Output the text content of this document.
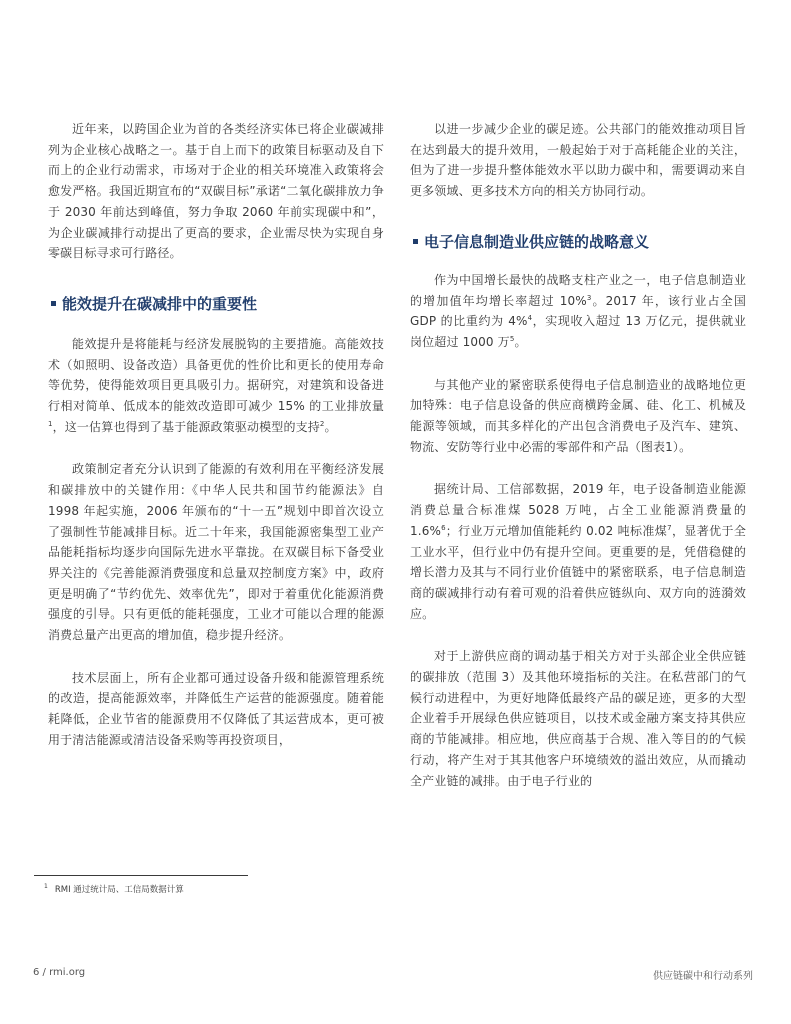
近年来，以跨国企业为首的各类经济实体已将企业碳减排列为企业核心战略之一。基于自上而下的政策目标驱动及自下而上的企业行动需求，市场对于企业的相关环境准入政策将会愈发严格。我国近期宣布的“双碳目标”承诺“二氧化碳排放力争于 2030 年前达到峰值，努力争取 2060 年前实现碳中和”，为企业碳减排行动提出了更高的要求，企业需尽快为实现自身零碳目标寻求可行路径。

能效提升在碳减排中的重要性

能效提升是将能耗与经济发展脱钩的主要措施。高能效技术（如照明、设备改造）具备更优的性价比和更长的使用寿命等优势，使得能效项目更具吸引力。据研究，对建筑和设备进行相对简单、低成本的能效改造即可减少 15% 的工业排放量$^1$，这一估算也得到了基于能源政策驱动模型的支持$^2$。

政策制定者充分认识到了能源的有效利用在平衡经济发展和碳排放中的关键作用:《中华人民共和国节约能源法》自 1998 年起实施，2006 年颁布的“十一五”规划中即首次设立了强制性节能减排目标。近二十年来，我国能源密集型工业产品能耗指标均逐步向国际先进水平靠拢。在双碳目标下备受业界关注的《完善能源消费强度和总量双控制度方案》中，政府更是明确了“节约优先、效率优先”，即对于着重优化能源消费强度的引导。只有更低的能耗强度，工业才可能以合理的能源消费总量产出更高的增加值，稳步提升经济。

技术层面上，所有企业都可通过设备升级和能源管理系统的改造，提高能源效率，并降低生产运营的能源强度。随着能耗降低，企业节省的能源费用不仅降低了其运营成本，更可被用于清洁能源或清洁设备采购等再投资项目，

以进一步减少企业的碳足迹。公共部门的能效推动项目旨在达到最大的提升效用，一般起始于对于高耗能企业的关注，但为了进一步提升整体能效水平以助力碳中和，需要调动来自更多领域、更多技术方向的相关方协同行动。

电子信息制造业供应链的战略意义

作为中国增长最快的战略支柱产业之一，电子信息制造业的增加值年均增长率超过 10%$^3$。2017 年，该行业占全国 GDP 的比重约为 4%$^4$，实现收入超过 13 万亿元，提供就业岗位超过 1000 万$^5$。

与其他产业的紧密联系使得电子信息制造业的战略地位更加特殊：电子信息设备的供应商横跨金属、硅、化工、机械及能源等领域，而其多样化的产出包含消费电子及汽车、建筑、物流、安防等行业中必需的零部件和产品（图表1）。

据统计局、工信部数据，2019 年，电子设备制造业能源消费总量合标准煤 5028 万吨，占全工业能源消费量的 1.6%$^6$；行业万元增加值能耗约 0.02 吨标准煤$^7$，显著优于全工业水平，但行业中仍有提升空间。更重要的是，凭借稳健的增长潜力及其与不同行业价值链中的紧密联系，电子信息制造商的碳减排行动有着可观的沿着供应链纵向、双方向的涟漪效应。

对于上游供应商的调动基于相关方对于头部企业全供应链的碳排放（范围 3）及其他环境指标的关注。在私营部门的气候行动进程中，为更好地降低最终产品的碳足迹，更多的大型企业着手开展绿色供应链项目，以技术或金融方案支持其供应商的节能减排。相应地，供应商基于合规、准入等目的的气候行动，将产生对于其其他客户环境绩效的溢出效应，从而撬动全产业链的减排。由于电子行业的

$^1$ RMI 通过统计局、工信局数据计算
6 / rmi.org	供应链碳中和行动系列
